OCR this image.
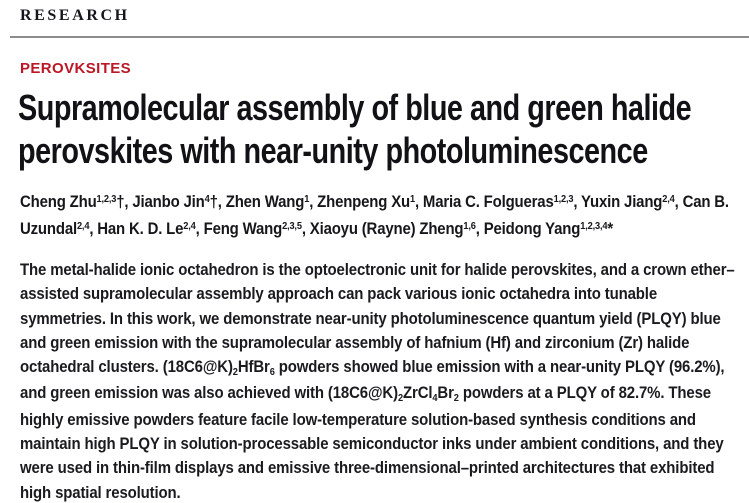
RESEARCH
PEROVKSITES
Supramolecular assembly of blue and green halide
perovskites with near-unity photoluminescence

Cheng Zhu$^{1,2,3}$†, Jianbo Jin$^4$†, Zhen Wang$^1$, Zhenpeng Xu$^1$, Maria C. Folgueras$^{1,2,3}$, Yuxin Jiang$^{2,4}$, Can B. Uzundal$^{2,4}$, Han K. D. Le$^{2,4}$, Feng Wang$^{2,3,5}$, Xiaoyu (Rayne) Zheng$^{1,6}$, Peidong Yang$^{1,2,3,4}$*

The metal-halide ionic octahedron is the optoelectronic unit for halide perovskites, and a crown ether–assisted supramolecular assembly approach can pack various ionic octahedra into tunable symmetries. In this work, we demonstrate near-unity photoluminescence quantum yield (PLQY) blue and green emission with the supramolecular assembly of hafnium (Hf) and zirconium (Zr) halide octahedral clusters. $(18C6@K)_2HfBr_6$ powders showed blue emission with a near-unity PLQY (96.2%), and green emission was also achieved with $(18C6@K)_2ZrCl_4Br_2$ powders at a PLQY of 82.7%. These highly emissive powders feature facile low-temperature solution-based synthesis conditions and maintain high PLQY in solution-processable semiconductor inks under ambient conditions, and they were used in thin-film displays and emissive three-dimensional–printed architectures that exhibited high spatial resolution.
